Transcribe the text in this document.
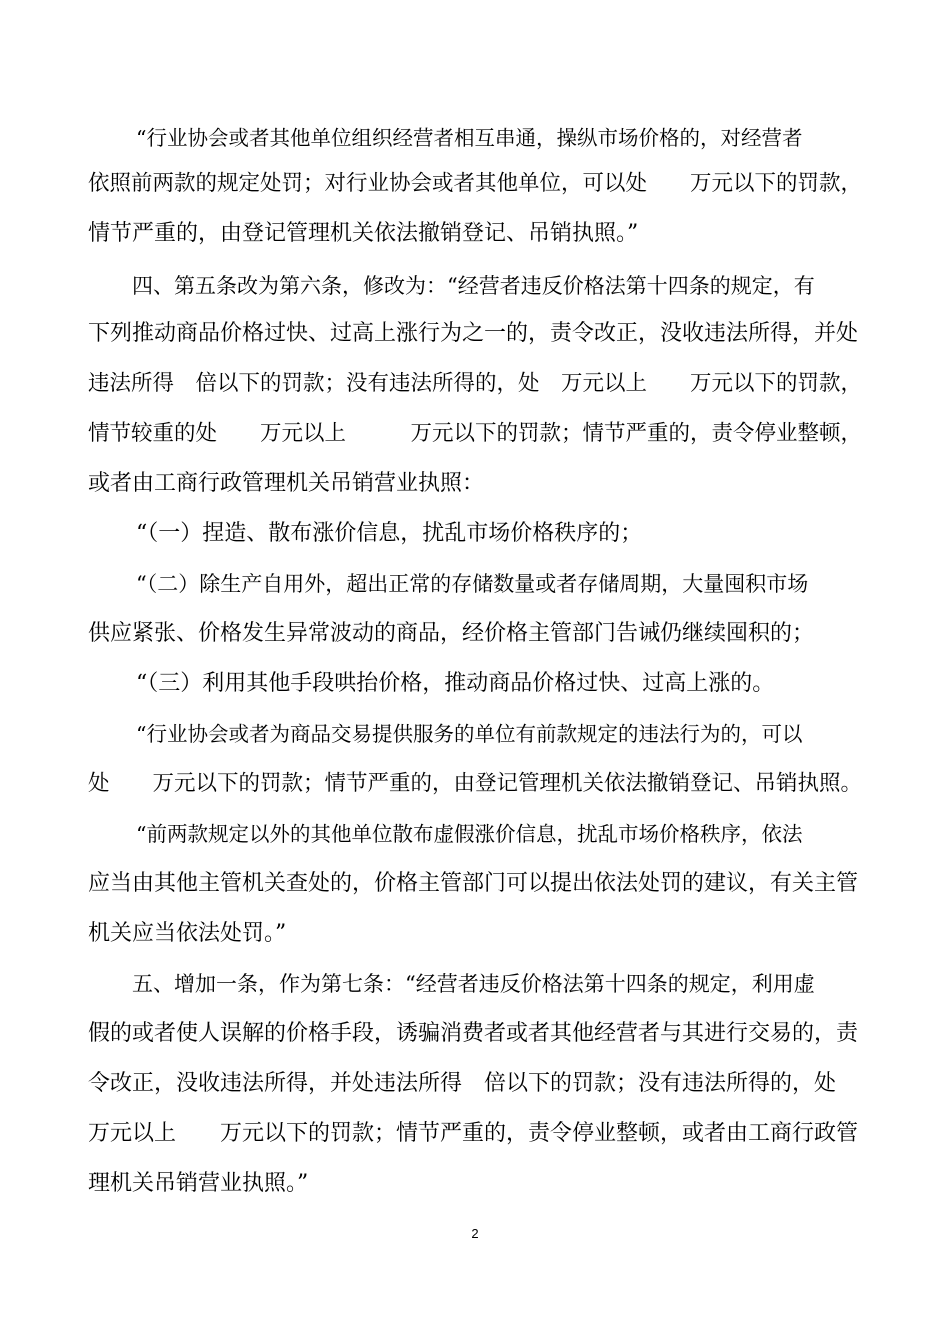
“行业协会或者其他单位组织经营者相互串通，操纵市场价格的，对经营者
依照前两款的规定处罚；对行业协会或者其他单位，可以处　　万元以下的罚款，
情节严重的，由登记管理机关依法撤销登记、吊销执照。”
四、第五条改为第六条，修改为：“经营者违反价格法第十四条的规定，有
下列推动商品价格过快、过高上涨行为之一的，责令改正，没收违法所得，并处
违法所得　倍以下的罚款；没有违法所得的，处　万元以上　　万元以下的罚款，
情节较重的处　　万元以上　　　万元以下的罚款；情节严重的，责令停业整顿，
或者由工商行政管理机关吊销营业执照：
“（一）捏造、散布涨价信息，扰乱市场价格秩序的；
“（二）除生产自用外，超出正常的存储数量或者存储周期，大量囤积市场
供应紧张、价格发生异常波动的商品，经价格主管部门告诫仍继续囤积的；
“（三）利用其他手段哄抬价格，推动商品价格过快、过高上涨的。
“行业协会或者为商品交易提供服务的单位有前款规定的违法行为的，可以
处　　万元以下的罚款；情节严重的，由登记管理机关依法撤销登记、吊销执照。
“前两款规定以外的其他单位散布虚假涨价信息，扰乱市场价格秩序，依法
应当由其他主管机关查处的，价格主管部门可以提出依法处罚的建议，有关主管
机关应当依法处罚。”
五、增加一条，作为第七条：“经营者违反价格法第十四条的规定，利用虚
假的或者使人误解的价格手段，诱骗消费者或者其他经营者与其进行交易的，责
令改正，没收违法所得，并处违法所得　倍以下的罚款；没有违法所得的，处
万元以上　　万元以下的罚款；情节严重的，责令停业整顿，或者由工商行政管
理机关吊销营业执照。”
2
